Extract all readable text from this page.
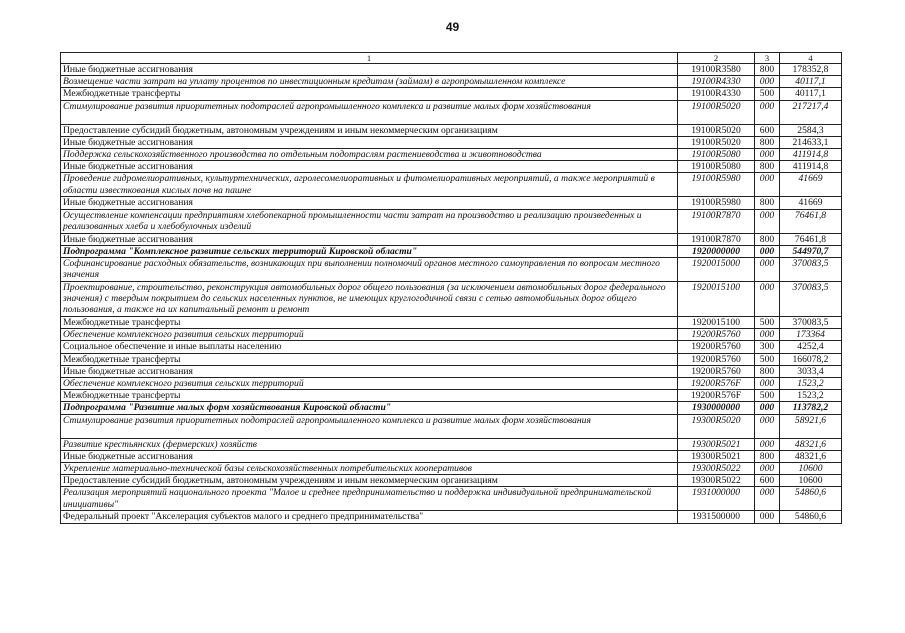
49
1	2	3	4
Иные бюджетные ассигнования	19100R3580	800	178352,8
Возмещение части затрат на уплату процентов по инвестиционным кредитам (займам) в агропромышленном комплексе	19100R4330	000	40117,1
Межбюджетные трансферты	19100R4330	500	40117,1
Стимулирование развития приоритетных подотраслей агропромышленного комплекса и развитие малых форм хозяйствования	19100R5020	000	217217,4
Предоставление субсидий бюджетным, автономным учреждениям и иным некоммерческим организациям	19100R5020	600	2584,3
Иные бюджетные ассигнования	19100R5020	800	214633,1
Поддержка сельскохозяйственного производства по отдельным подотраслям растениеводства и животноводства	19100R5080	000	411914,8
Иные бюджетные ассигнования	19100R5080	800	411914,8
Проведение гидромелиоративных, культуртехнических, агролесомелиоративных и фитомелиоративных мероприятий, а также мероприятий в области известкования кислых почв на пашне	19100R5980	000	41669
Иные бюджетные ассигнования	19100R5980	800	41669
Осуществление компенсации предприятиям хлебопекарной промышленности части затрат на производство и реализацию произведенных и реализованных хлеба и хлебобулочных изделий	19100R7870	000	76461,8
Иные бюджетные ассигнования	19100R7870	800	76461,8
Подпрограмма "Комплексное развитие сельских территорий Кировской области"	1920000000	000	544970,7
Софинансирование расходных обязательств, возникающих при выполнении полномочий органов местного самоуправления по вопросам местного значения	1920015000	000	370083,5
Проектирование, строительство, реконструкция автомобильных дорог общего пользования (за исключением автомобильных дорог федерального значения) с твердым покрытием до сельских населенных пунктов, не имеющих круглогодичной связи с сетью автомобильных дорог общего пользования, а также на их капитальный ремонт и ремонт	1920015100	000	370083,5
Межбюджетные трансферты	1920015100	500	370083,5
Обеспечение комплексного развития сельских территорий	19200R5760	000	173364
Социальное обеспечение и иные выплаты населению	19200R5760	300	4252,4
Межбюджетные трансферты	19200R5760	500	166078,2
Иные бюджетные ассигнования	19200R5760	800	3033,4
Обеспечение комплексного развития сельских территорий	19200R576F	000	1523,2
Межбюджетные трансферты	19200R576F	500	1523,2
Подпрограмма "Развитие малых форм хозяйствования Кировской области"	1930000000	000	113782,2
Стимулирование развития приоритетных подотраслей агропромышленного комплекса и развитие малых форм хозяйствования	19300R5020	000	58921,6
Развитие крестьянских (фермерских) хозяйств	19300R5021	000	48321,6
Иные бюджетные ассигнования	19300R5021	800	48321,6
Укрепление материально-технической базы сельскохозяйственных потребительских кооперативов	19300R5022	000	10600
Предоставление субсидий бюджетным, автономным учреждениям и иным некоммерческим организациям	19300R5022	600	10600
Реализация мероприятий национального проекта "Малое и среднее предпринимательство и поддержка индивидуальной предпринимательской инициативы"	1931000000	000	54860,6
Федеральный проект "Акселерация субъектов малого и среднего предпринимательства"	1931500000	000	54860,6
